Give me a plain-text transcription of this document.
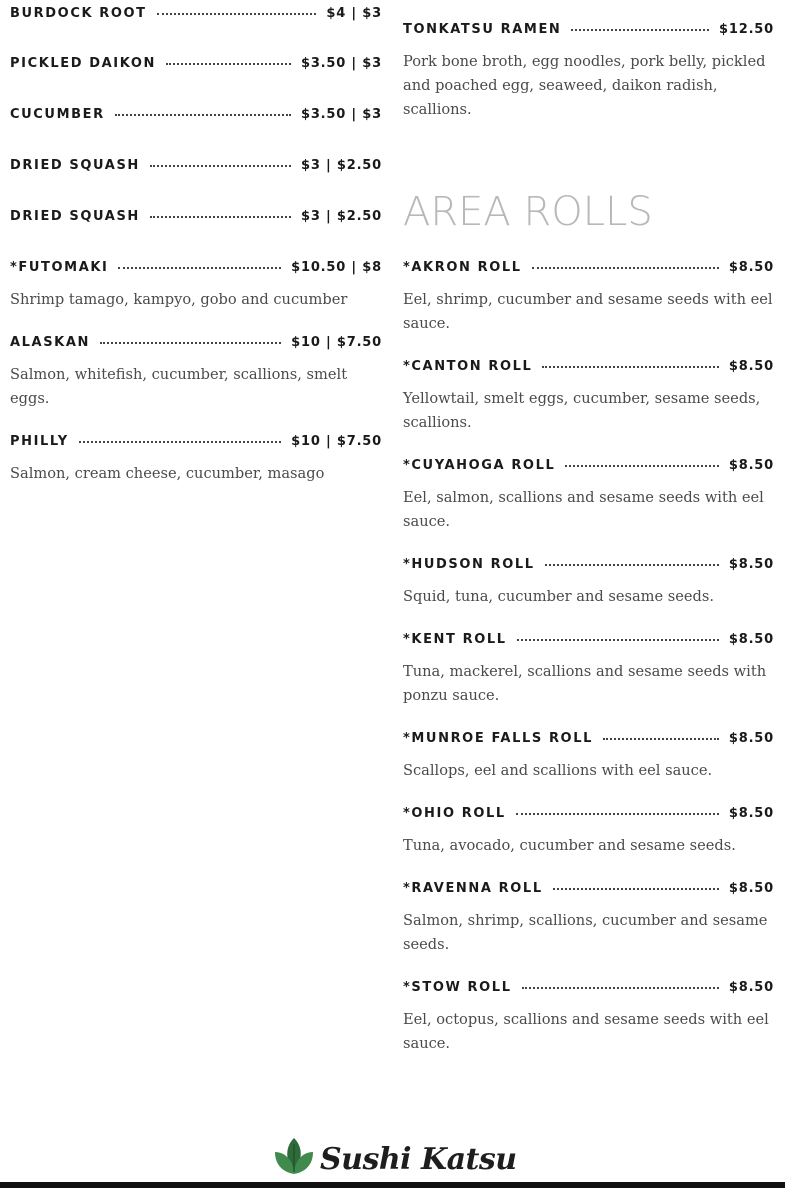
BURDOCK ROOT	$4 | $3
PICKLED DAIKON	$3.50 | $3
CUCUMBER	$3.50 | $3
DRIED SQUASH	$3 | $2.50
DRIED SQUASH	$3 | $2.50
*FUTOMAKI	$10.50 | $8
Shrimp tamago, kampyo, gobo and cucumber
ALASKAN	$10 | $7.50
Salmon, whitefish, cucumber, scallions, smelt eggs.
PHILLY	$10 | $7.50
Salmon, cream cheese, cucumber, masago
TONKATSU RAMEN	$12.50
Pork bone broth, egg noodles, pork belly, pickled and poached egg, seaweed, daikon radish, scallions.
AREA ROLLS
*AKRON ROLL	$8.50
Eel, shrimp, cucumber and sesame seeds with eel sauce.
*CANTON ROLL	$8.50
Yellowtail, smelt eggs, cucumber, sesame seeds, scallions.
*CUYAHOGA ROLL	$8.50
Eel, salmon, scallions and sesame seeds with eel sauce.
*HUDSON ROLL	$8.50
Squid, tuna, cucumber and sesame seeds.
*KENT ROLL	$8.50
Tuna, mackerel, scallions and sesame seeds with ponzu sauce.
*MUNROE FALLS ROLL	$8.50
Scallops, eel and scallions with eel sauce.
*OHIO ROLL	$8.50
Tuna, avocado, cucumber and sesame seeds.
*RAVENNA ROLL	$8.50
Salmon, shrimp, scallions, cucumber and sesame seeds.
*STOW ROLL	$8.50
Eel, octopus, scallions and sesame seeds with eel sauce.
Sushi Katsu
